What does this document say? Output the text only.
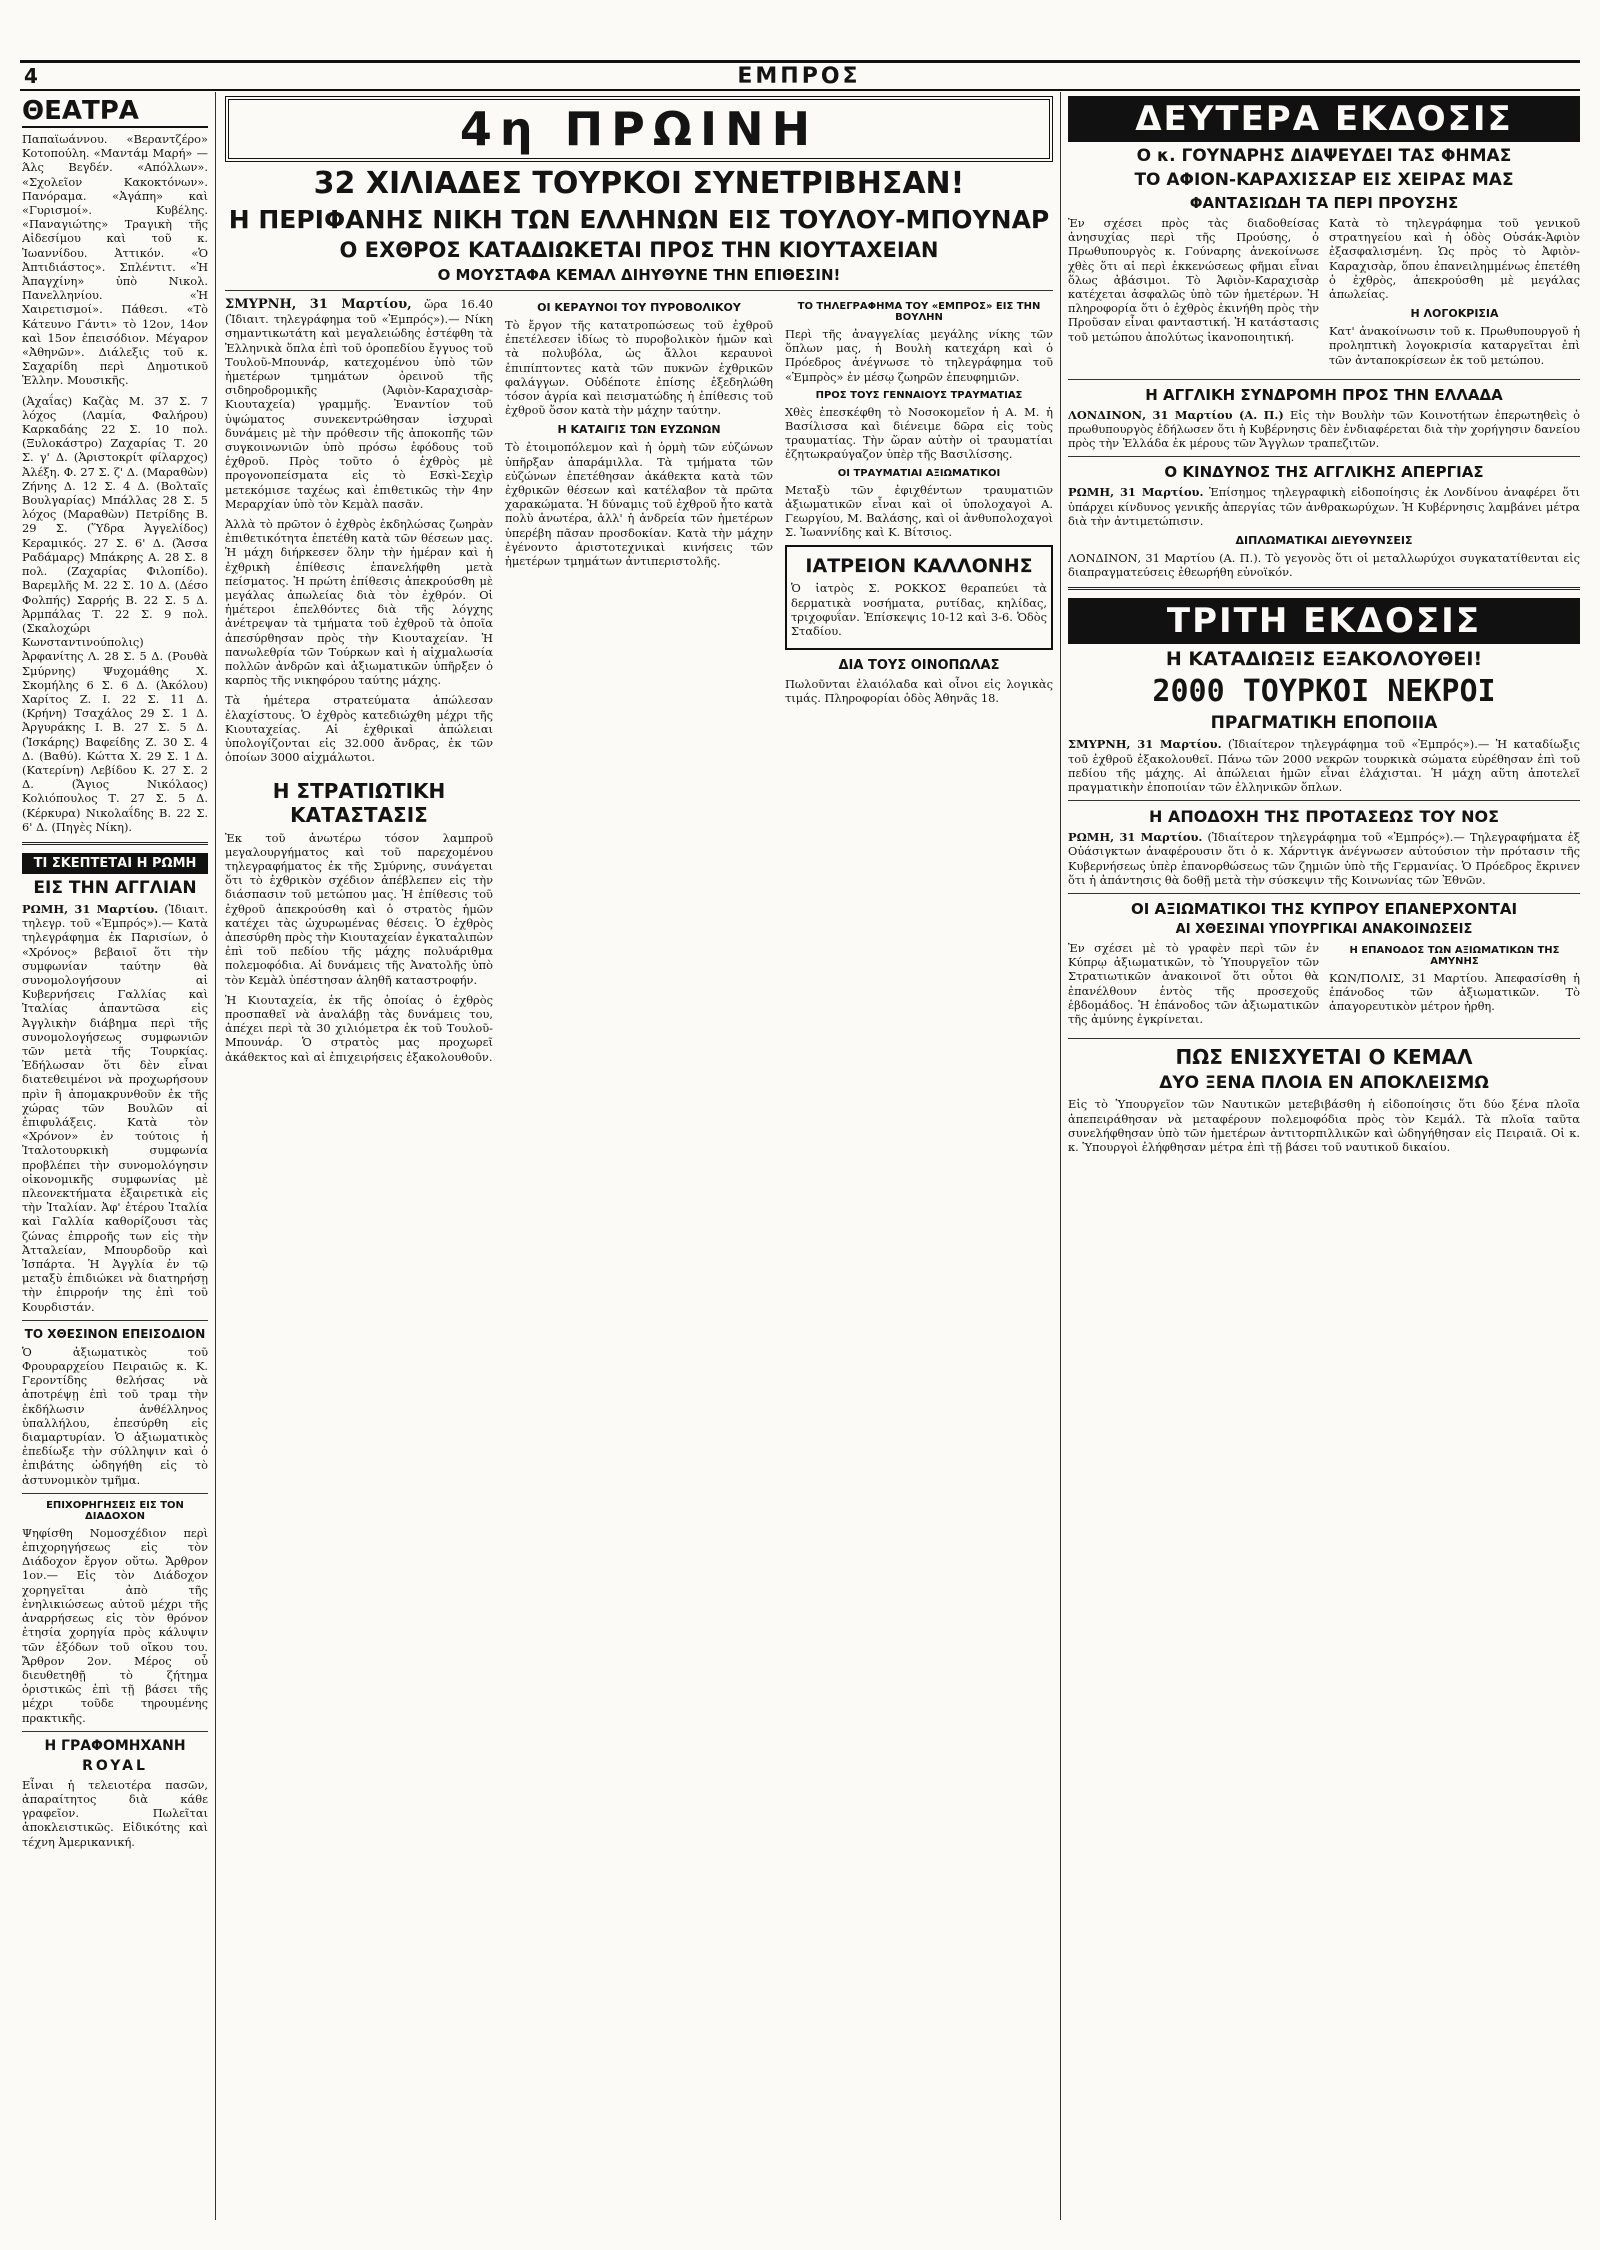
4	ΕΜΠΡΟΣ
ΘΕΑΤΡΑ

Παπαϊωάννου. «Βεραντζέρο» Κοτοπούλη. «Μαντάμ Μαρή» — Άλς Βεγδέν. «Απόλλων». «Σχολεῖον Κακοκτόνων». Πανόραμα. «Ἀγάπη» καὶ «Γυρισμοί». Κυβέλης. «Παναγιώτης» Τραγικὴ τῆς Αἰδεσίμου καὶ τοῦ κ. Ἰωαννίδου. Ἀττικόν. «Ὁ Ἀπτιδιάστος». Σπλέντιτ. «Ἡ Ἀπαγχίνη» ὑπὸ Νικολ. Πανελληνίου. «Ἡ Χαιρετισμοί». Πάθεσι. «Τὸ Κάτευνο Γάντι» τὸ 12ον, 14ον καὶ 15ον ἐπεισόδιον. Μέγαρον «Ἀθηνῶν». Διάλεξις τοῦ κ. Σαχαρίδη περὶ Δημοτικοῦ Ἑλλην. Μουσικῆς.

(Ἀχαΐας) Καζὰς Μ. 37 Σ. 7 λόχος (Λαμία, Φαλήρου) Καρκαδάης 22 Σ. 10 πολ. (Ξυλοκάστρο) Ζαχαρίας Τ. 20 Σ. γ' Δ. (Ἀριστοκρίτ φίλαρχος) Ἀλέξη. Φ. 27 Σ. ζ' Δ. (Μαραθὼν) Ζήνης Δ. 12 Σ. 4 Δ. (Βολταῖς Βουλγαρίας) Μπάλλας 28 Σ. 5 λόχος (Μαραθὼν) Πετρίδης Β. 29 Σ. (Ὕδρα Ἀγγελίδος) Κεραμικός. 27 Σ. 6' Δ. (Ἄσσα Ραδάμαρς) Μπάκρης Α. 28 Σ. 8 πολ. (Ζαχαρίας Φιλοπίδο). Βαρεμλῆς Μ. 22 Σ. 10 Δ. (Δέσο Φολπής) Σαρρής Β. 22 Σ. 5 Δ. Ἀρμπάλας Τ. 22 Σ. 9 πολ. (Σκαλοχώρι Κωνσταντινούπολις) Ἀρφανίτης Λ. 28 Σ. 5 Δ. (Ρουθὰ Σμύρνης) Ψυχομάθης Χ. Σκομήλης 6 Σ. 6 Δ. (Ἀκόλου) Χαρίτος Ζ. Ι. 22 Σ. 11 Δ. (Κρήνη) Τσαχάλος 29 Σ. 1 Δ. Ἀργυράκης Ι. Β. 27 Σ. 5 Δ. (Ἰσκάρης) Βαφείδης Ζ. 30 Σ. 4 Δ. (Βαθύ). Κώττα Χ. 29 Σ. 1 Δ. (Κατερίνη) Λεβίδου Κ. 27 Σ. 2 Δ. (Ἄγιος Νικόλαος) Κολιόπουλος Τ. 27 Σ. 5 Δ. (Κέρκυρα) Νικολαΐδης Β. 22 Σ. 6' Δ. (Πηγὲς Νίκη).

ΤΙ ΣΚΕΠΤΕΤΑΙ Η ΡΩΜΗ
ΕΙΣ ΤΗΝ ΑΓΓΛΙΑΝ

ΡΩΜΗ, 31 Μαρτίου. (Ἰδιαιτ. τηλεγρ. τοῦ «Ἐμπρός»).— Κατὰ τηλεγράφημα ἐκ Παρισίων, ὁ «Χρόνος» βεβαιοῖ ὅτι τὴν συμφωνίαν ταύτην θὰ συνομολογήσουν αἱ Κυβερνήσεις Γαλλίας καὶ Ἰταλίας ἀπαντῶσα εἰς Ἀγγλικὴν διάβημα περὶ τῆς συνομολογήσεως συμφωνιῶν τῶν μετὰ τῆς Τουρκίας. Ἐδήλωσαν ὅτι δὲν εἶναι διατεθειμένοι νὰ προχωρήσουν πρὶν ἢ ἀπομακρυνθοῦν ἐκ τῆς χώρας τῶν Βουλῶν αἱ ἐπιφυλάξεις. Κατὰ τὸν «Χρόνον» ἐν τούτοις ἡ Ἰταλοτουρκικὴ συμφωνία προβλέπει τὴν συνομολόγησιν οἰκονομικῆς συμφωνίας μὲ πλεονεκτήματα ἐξαιρετικὰ εἰς τὴν Ἰταλίαν. Ἀφ' ἑτέρου Ἰταλία καὶ Γαλλία καθορίζουσι τὰς ζώνας ἐπιρροῆς των εἰς τὴν Ἀτταλείαν, Μπουρδοῦρ καὶ Ἰσπάρτα. Ἡ Ἀγγλία ἐν τῷ μεταξὺ ἐπιδιώκει νὰ διατηρήσῃ τὴν ἐπιρροήν της ἐπὶ τοῦ Κουρδιστάν.

ΤΟ ΧΘΕΣΙΝΟΝ ΕΠΕΙΣΟΔΙΟΝ

Ὁ ἀξιωματικὸς τοῦ Φρουραρχείου Πειραιῶς κ. Κ. Γεροντίδης θελήσας νὰ ἀποτρέψῃ ἐπὶ τοῦ τραμ τὴν ἐκδήλωσιν ἀνθέλληνος ὑπαλλήλου, ἐπεσύρθη εἰς διαμαρτυρίαν. Ὁ ἀξιωματικὸς ἐπεδίωξε τὴν σύλληψιν καὶ ὁ ἐπιβάτης ὡδηγήθη εἰς τὸ ἀστυνομικὸν τμῆμα.

ΕΠΙΧΟΡΗΓΗΣΕΙΣ ΕΙΣ ΤΟΝ ΔΙΑΔΟΧΟΝ

Ψηφίσθη Νομοσχέδιον περὶ ἐπιχορηγήσεως εἰς τὸν Διάδοχον ἔργον οὕτω. Ἄρθρον 1ον.— Εἰς τὸν Διάδοχον χορηγεῖται ἀπὸ τῆς ἐνηλικιώσεως αὐτοῦ μέχρι τῆς ἀναρρήσεως εἰς τὸν θρόνον ἐτησία χορηγία πρὸς κάλυψιν τῶν ἐξόδων τοῦ οἴκου του. Ἄρθρον 2ον. Μέρος οὗ διευθετηθῇ τὸ ζήτημα ὁριστικῶς ἐπὶ τῇ βάσει τῆς μέχρι τοῦδε τηρουμένης πρακτικῆς.

Η ΓΡΑΦΟΜΗΧΑΝΗ
ROYAL

Εἶναι ἡ τελειοτέρα πασῶν, ἀπαραίτητος διὰ κάθε γραφεῖον. Πωλεῖται ἀποκλειστικῶς. Εἰδικότης καὶ τέχνη Ἀμερικανική.

4η ΠΡΩΙΝΗ
32 ΧΙΛΙΑΔΕΣ ΤΟΥΡΚΟΙ ΣΥΝΕΤΡΙΒΗΣΑΝ!
Η ΠΕΡΙΦΑΝΗΣ ΝΙΚΗ ΤΩΝ ΕΛΛΗΝΩΝ ΕΙΣ ΤΟΥΛΟΥ-ΜΠΟΥΝΑΡ
Ο ΕΧΘΡΟΣ ΚΑΤΑΔΙΩΚΕΤΑΙ ΠΡΟΣ ΤΗΝ ΚΙΟΥΤΑΧΕΙΑΝ
Ο ΜΟΥΣΤΑΦΑ ΚΕΜΑΛ ΔΙΗΥΘΥΝΕ ΤΗΝ ΕΠΙΘΕΣΙΝ!

ΣΜΥΡΝΗ, 31 Μαρτίου, ὥρα 16.40 (Ἰδιαιτ. τηλεγράφημα τοῦ «Ἐμπρός»).— Νίκη σημαντικωτάτη καὶ μεγαλειώδης ἐστέφθη τὰ Ἑλληνικὰ ὅπλα ἐπὶ τοῦ ὁροπεδίου ἔγγυος τοῦ Τουλοῦ-Μπουνάρ, κατεχομένου ὑπὸ τῶν ἡμετέρων τμημάτων ὀρεινοῦ τῆς σιδηροδρομικῆς (Ἀφιὸν-Καραχισὰρ-Κιουταχεία) γραμμῆς. Ἐναντίον τοῦ ὑψώματος συνεκεντρώθησαν ἰσχυραὶ δυνάμεις μὲ τὴν πρόθεσιν τῆς ἀποκοπῆς τῶν συγκοινωνιῶν ὑπὸ πρόσω ἐφόδους τοῦ ἐχθροῦ. Πρὸς τοῦτο ὁ ἐχθρὸς μὲ προγονοπείσματα εἰς τὸ Εσκὶ-Σεχὶρ μετεκόμισε ταχέως καὶ ἐπιθετικῶς τὴν 4ην Μεραρχίαν ὑπὸ τὸν Κεμὰλ πασᾶν.

Ἀλλὰ τὸ πρῶτον ὁ ἐχθρὸς ἐκδηλώσας ζωηρὰν ἐπιθετικότητα ἐπετέθη κατὰ τῶν θέσεων μας. Ἡ μάχη διήρκεσεν ὅλην τὴν ἡμέραν καὶ ἡ ἐχθρικὴ ἐπίθεσις ἐπανελήφθη μετὰ πείσματος. Ἡ πρώτη ἐπίθεσις ἀπεκρούσθη μὲ μεγάλας ἀπωλείας διὰ τὸν ἐχθρόν. Οἱ ἡμέτεροι ἐπελθόντες διὰ τῆς λόγχης ἀνέτρεψαν τὰ τμήματα τοῦ ἐχθροῦ τὰ ὁποῖα ἀπεσύρθησαν πρὸς τὴν Κιουταχείαν. Ἡ πανωλεθρία τῶν Τούρκων καὶ ἡ αἰχμαλωσία πολλῶν ἀνδρῶν καὶ ἀξιωματικῶν ὑπῆρξεν ὁ καρπὸς τῆς νικηφόρου ταύτης μάχης.

Τὰ ἡμέτερα στρατεύματα ἀπώλεσαν ἐλαχίστους. Ὁ ἐχθρὸς κατεδιώχθη μέχρι τῆς Κιουταχείας. Αἱ ἐχθρικαὶ ἀπώλειαι ὑπολογίζονται εἰς 32.000 ἄνδρας, ἐκ τῶν ὁποίων 3000 αἰχμάλωτοι.

Η ΣΤΡΑΤΙΩΤΙΚΗ ΚΑΤΑΣΤΑΣΙΣ

Ἐκ τοῦ ἀνωτέρω τόσον λαμπροῦ μεγαλουργήματος καὶ τοῦ παρεχομένου τηλεγραφήματος ἐκ τῆς Σμύρνης, συνάγεται ὅτι τὸ ἐχθρικὸν σχέδιον ἀπέβλεπεν εἰς τὴν διάσπασιν τοῦ μετώπου μας. Ἡ ἐπίθεσις τοῦ ἐχθροῦ ἀπεκρούσθη καὶ ὁ στρατὸς ἡμῶν κατέχει τὰς ὠχυρωμένας θέσεις. Ὁ ἐχθρὸς ἀπεσύρθη πρὸς τὴν Κιουταχείαν ἐγκαταλιπὼν ἐπὶ τοῦ πεδίου τῆς μάχης πολυάριθμα πολεμοφόδια. Αἱ δυνάμεις τῆς Ἀνατολῆς ὑπὸ τὸν Κεμὰλ ὑπέστησαν ἀληθῆ καταστροφήν.

Ἡ Κιουταχεία, ἐκ τῆς ὁποίας ὁ ἐχθρὸς προσπαθεῖ νὰ ἀναλάβῃ τὰς δυνάμεις του, ἀπέχει περὶ τὰ 30 χιλιόμετρα ἐκ τοῦ Τουλοῦ-Μπουνάρ. Ὁ στρατὸς μας προχωρεῖ ἀκάθεκτος καὶ αἱ ἐπιχειρήσεις ἐξακολουθοῦν.

ΟΙ ΚΕΡΑΥΝΟΙ ΤΟΥ ΠΥΡΟΒΟΛΙΚΟΥ

Τὸ ἔργον τῆς κατατροπώσεως τοῦ ἐχθροῦ ἐπετέλεσεν ἰδίως τὸ πυροβολικὸν ἡμῶν καὶ τὰ πολυβόλα, ὡς ἄλλοι κεραυνοὶ ἐπιπίπτοντες κατὰ τῶν πυκνῶν ἐχθρικῶν φαλάγγων. Οὐδέποτε ἐπίσης ἐξεδηλώθη τόσον ἀγρία καὶ πεισματώδης ἡ ἐπίθεσις τοῦ ἐχθροῦ ὅσον κατὰ τὴν μάχην ταύτην.

Η ΚΑΤΑΙΓΙΣ ΤΩΝ ΕΥΖΩΝΩΝ

Τὸ ἐτοιμοπόλεμον καὶ ἡ ὁρμὴ τῶν εὐζώνων ὑπῆρξαν ἀπαράμιλλα. Τὰ τμήματα τῶν εὐζώνων ἐπετέθησαν ἀκάθεκτα κατὰ τῶν ἐχθρικῶν θέσεων καὶ κατέλαβον τὰ πρῶτα χαρακώματα. Ἡ δύναμις τοῦ ἐχθροῦ ἦτο κατὰ πολὺ ἀνωτέρα, ἀλλ' ἡ ἀνδρεία τῶν ἡμετέρων ὑπερέβη πᾶσαν προσδοκίαν. Κατὰ τὴν μάχην ἐγένοντο ἀριστοτεχνικαὶ κινήσεις τῶν ἡμετέρων τμημάτων ἀντιπεριστολῆς.

ΤΟ ΤΗΛΕΓΡΑΦΗΜΑ ΤΟΥ «ΕΜΠΡΟΣ» ΕΙΣ ΤΗΝ ΒΟΥΛΗΝ

Περὶ τῆς ἀναγγελίας μεγάλης νίκης τῶν ὅπλων μας, ἡ Βουλὴ κατεχάρη καὶ ὁ Πρόεδρος ἀνέγνωσε τὸ τηλεγράφημα τοῦ «Ἐμπρὸς» ἐν μέσῳ ζωηρῶν ἐπευφημιῶν.

ΠΡΟΣ ΤΟΥΣ ΓΕΝΝΑΙΟΥΣ ΤΡΑΥΜΑΤΙΑΣ

Χθὲς ἐπεσκέφθη τὸ Νοσοκομεῖον ἡ Α. Μ. ἡ Βασίλισσα καὶ διένειμε δῶρα εἰς τοὺς τραυματίας. Τὴν ὥραν αὐτὴν οἱ τραυματίαι ἐζητωκραύγαζον ὑπὲρ τῆς Βασιλίσσης.

ΟΙ ΤΡΑΥΜΑΤΙΑΙ ΑΞΙΩΜΑΤΙΚΟΙ

Μεταξὺ τῶν ἐφιχθέντων τραυματιῶν ἀξιωματικῶν εἶναι καὶ οἱ ὑπολοχαγοὶ Α. Γεωργίου, Μ. Βαλάσης, καὶ οἱ ἀνθυπολοχαγοὶ Σ. Ἰωαννίδης καὶ Κ. Βίτσιος.

ΙΑΤΡΕΙΟΝ ΚΑΛΛΟΝΗΣ

Ὁ ἰατρὸς Σ. ΡΟΚΚΟΣ θεραπεύει τὰ δερματικὰ νοσήματα, ρυτίδας, κηλίδας, τριχοφυΐαν. Ἐπίσκεψις 10-12 καὶ 3-6. Ὁδὸς Σταδίου.

ΔΙΑ ΤΟΥΣ ΟΙΝΟΠΩΛΑΣ

Πωλοῦνται ἐλαιόλαδα καὶ οἶνοι εἰς λογικὰς τιμάς. Πληροφορίαι ὁδὸς Ἀθηνᾶς 18.

ΔΕΥΤΕΡΑ ΕΚΔΟΣΙΣ
Ο κ. ΓΟΥΝΑΡΗΣ ΔΙΑΨΕΥΔΕΙ ΤΑΣ ΦΗΜΑΣ
ΤΟ ΑΦΙΟΝ-ΚΑΡΑΧΙΣΣΑΡ ΕΙΣ ΧΕΙΡΑΣ ΜΑΣ
ΦΑΝΤΑΣΙΩΔΗ ΤΑ ΠΕΡΙ ΠΡΟΥΣΗΣ

Ἐν σχέσει πρὸς τὰς διαδοθείσας ἀνησυχίας περὶ τῆς Προύσης, ὁ Πρωθυπουργὸς κ. Γούναρης ἀνεκοίνωσε χθὲς ὅτι αἱ περὶ ἐκκενώσεως φῆμαι εἶναι ὅλως ἀβάσιμοι. Τὸ Ἀφιὸν-Καραχισὰρ κατέχεται ἀσφαλῶς ὑπὸ τῶν ἡμετέρων. Ἡ πληροφορία ὅτι ὁ ἐχθρὸς ἐκινήθη πρὸς τὴν Προῦσαν εἶναι φανταστική. Ἡ κατάστασις τοῦ μετώπου ἀπολύτως ἰκανοποιητική.

Κατὰ τὸ τηλεγράφημα τοῦ γενικοῦ στρατηγείου καὶ ἡ ὁδὸς Οὐσάκ-Ἀφιὸν ἐξασφαλισμένη. Ὡς πρὸς τὸ Ἀφιὸν-Καραχισὰρ, ὅπου ἐπανειλημμένως ἐπετέθη ὁ ἐχθρὸς, ἀπεκρούσθη μὲ μεγάλας ἀπωλείας.

Η ΛΟΓΟΚΡΙΣΙΑ

Κατ' ἀνακοίνωσιν τοῦ κ. Πρωθυπουργοῦ ἡ προληπτικὴ λογοκρισία καταργεῖται ἐπὶ τῶν ἀνταποκρίσεων ἐκ τοῦ μετώπου.

Η ΑΓΓΛΙΚΗ ΣΥΝΔΡΟΜΗ ΠΡΟΣ ΤΗΝ ΕΛΛΑΔΑ

ΛΟΝΔΙΝΟΝ, 31 Μαρτίου (Α. Π.) Εἰς τὴν Βουλὴν τῶν Κοινοτήτων ἐπερωτηθεὶς ὁ πρωθυπουργὸς ἐδήλωσεν ὅτι ἡ Κυβέρνησις δὲν ἐνδιαφέρεται διὰ τὴν χορήγησιν δανείου πρὸς τὴν Ἑλλάδα ἐκ μέρους τῶν Ἄγγλων τραπεζιτῶν.

Ο ΚΙΝΔΥΝΟΣ ΤΗΣ ΑΓΓΛΙΚΗΣ ΑΠΕΡΓΙΑΣ

ΡΩΜΗ, 31 Μαρτίου. Ἐπίσημος τηλεγραφικὴ εἰδοποίησις ἐκ Λονδίνου ἀναφέρει ὅτι ὑπάρχει κίνδυνος γενικῆς ἀπεργίας τῶν ἀνθρακωρύχων. Ἡ Κυβέρνησις λαμβάνει μέτρα διὰ τὴν ἀντιμετώπισιν.

ΔΙΠΛΩΜΑΤΙΚΑΙ ΔΙΕΥΘΥΝΣΕΙΣ

ΛΟΝΔΙΝΟΝ, 31 Μαρτίου (Α. Π.). Τὸ γεγονὸς ὅτι οἱ μεταλλωρύχοι συγκατατίθενται εἰς διαπραγματεύσεις ἐθεωρήθη εὐνοϊκόν.

ΤΡΙΤΗ ΕΚΔΟΣΙΣ
Η ΚΑΤΑΔΙΩΞΙΣ ΕΞΑΚΟΛΟΥΘΕΙ!
2000 ΤΟΥΡΚΟΙ ΝΕΚΡΟΙ
ΠΡΑΓΜΑΤΙΚΗ ΕΠΟΠΟΙΙΑ

ΣΜΥΡΝΗ, 31 Μαρτίου. (Ἰδιαίτερον τηλεγράφημα τοῦ «Ἐμπρός»).— Ἡ καταδίωξις τοῦ ἐχθροῦ ἐξακολουθεῖ. Πάνω τῶν 2000 νεκρῶν τουρκικὰ σώματα εὑρέθησαν ἐπὶ τοῦ πεδίου τῆς μάχης. Αἱ ἀπώλειαι ἡμῶν εἶναι ἐλάχισται. Ἡ μάχη αὕτη ἀποτελεῖ πραγματικὴν ἐποποιίαν τῶν ἑλληνικῶν ὅπλων.

Η ΑΠΟΔΟΧΗ ΤΗΣ ΠΡΟΤΑΣΕΩΣ ΤΟΥ ΝΟΣ

ΡΩΜΗ, 31 Μαρτίου. (Ἰδιαίτερον τηλεγράφημα τοῦ «Ἐμπρός»).— Τηλεγραφήματα ἐξ Οὐάσιγκτων ἀναφέρουσιν ὅτι ὁ κ. Χάρντιγκ ἀνέγνωσεν αὐτούσιον τὴν πρότασιν τῆς Κυβερνήσεως ὑπὲρ ἐπανορθώσεως τῶν ζημιῶν ὑπὸ τῆς Γερμανίας. Ὁ Πρόεδρος ἔκρινεν ὅτι ἡ ἀπάντησις θὰ δοθῇ μετὰ τὴν σύσκεψιν τῆς Κοινωνίας τῶν Ἐθνῶν.

ΟΙ ΑΞΙΩΜΑΤΙΚΟΙ ΤΗΣ ΚΥΠΡΟΥ ΕΠΑΝΕΡΧΟΝΤΑΙ
ΑΙ ΧΘΕΣΙΝΑΙ ΥΠΟΥΡΓΙΚΑΙ ΑΝΑΚΟΙΝΩΣΕΙΣ

Ἐν σχέσει μὲ τὸ γραφὲν περὶ τῶν ἐν Κύπρῳ ἀξιωματικῶν, τὸ Ὑπουργεῖον τῶν Στρατιωτικῶν ἀνακοινοῖ ὅτι οὗτοι θὰ ἐπανέλθουν ἐντὸς τῆς προσεχοῦς ἑβδομάδος. Ἡ ἐπάνοδος τῶν ἀξιωματικῶν τῆς ἀμύνης ἐγκρίνεται.

Η ΕΠΑΝΟΔΟΣ ΤΩΝ ΑΞΙΩΜΑΤΙΚΩΝ ΤΗΣ ΑΜΥΝΗΣ

ΚΩΝ/ΠΟΛΙΣ, 31 Μαρτίου. Ἀπεφασίσθη ἡ ἐπάνοδος τῶν ἀξιωματικῶν. Τὸ ἀπαγορευτικὸν μέτρον ἠρθη.

ΠΩΣ ΕΝΙΣΧΥΕΤΑΙ Ο ΚΕΜΑΛ
ΔΥΟ ΞΕΝΑ ΠΛΟΙΑ ΕΝ ΑΠΟΚΛΕΙΣΜΩ

Εἰς τὸ Ὑπουργεῖον τῶν Ναυτικῶν μετεβιβάσθη ἡ εἰδοποίησις ὅτι δύο ξένα πλοῖα ἀπεπειράθησαν νὰ μεταφέρουν πολεμοφόδια πρὸς τὸν Κεμάλ. Τὰ πλοῖα ταῦτα συνελήφθησαν ὑπὸ τῶν ἡμετέρων ἀντιτορπιλλικῶν καὶ ὡδηγήθησαν εἰς Πειραιᾶ. Οἱ κ. κ. Ὑπουργοὶ ἐλήφθησαν μέτρα ἐπὶ τῇ βάσει τοῦ ναυτικοῦ δικαίου.
